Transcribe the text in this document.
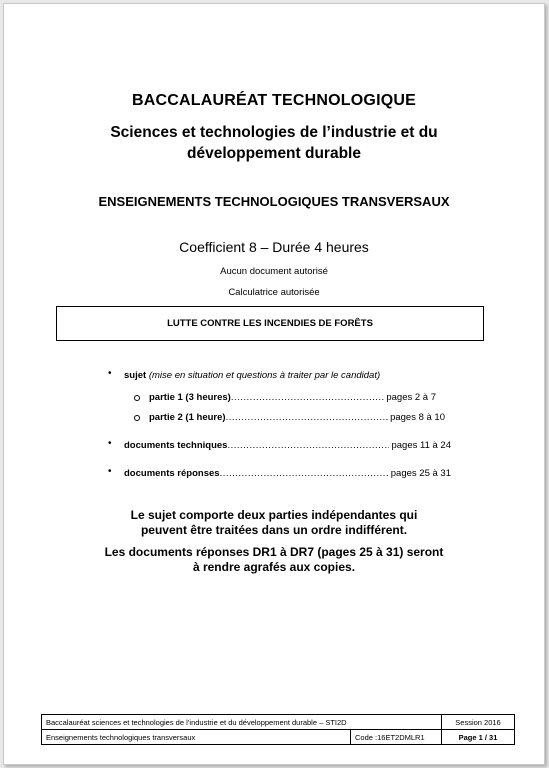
BACCALAURÉAT TECHNOLOGIQUE
Sciences et technologies de l’industrie et du
développement durable
ENSEIGNEMENTS TECHNOLOGIQUES TRANSVERSAUX
Coefficient 8 – Durée 4 heures
Aucun document autorisé
Calculatrice autorisée
LUTTE CONTRE LES INCENDIES DE FORÊTS
• sujet
(mise en situation et questions à traiter par le candidat)
partie 1 (3 heures) .....	pages 2 à 7
partie 2 (1 heure) .....	pages 8 à 10
• documents techniques .....	pages 11 à 24
• documents réponses .....	pages 25 à 31
Le sujet comporte deux parties indépendantes qui
peuvent être traitées dans un ordre indifférent.
Les documents réponses DR1 à DR7 (pages 25 à 31) seront
à rendre agrafés aux copies.
Baccalauréat sciences et technologies de l’industrie et du développement durable – STI2D		Session 2016
Enseignements technologiques transversaux	Code :16ET2DMLR1	Page 1 / 31
